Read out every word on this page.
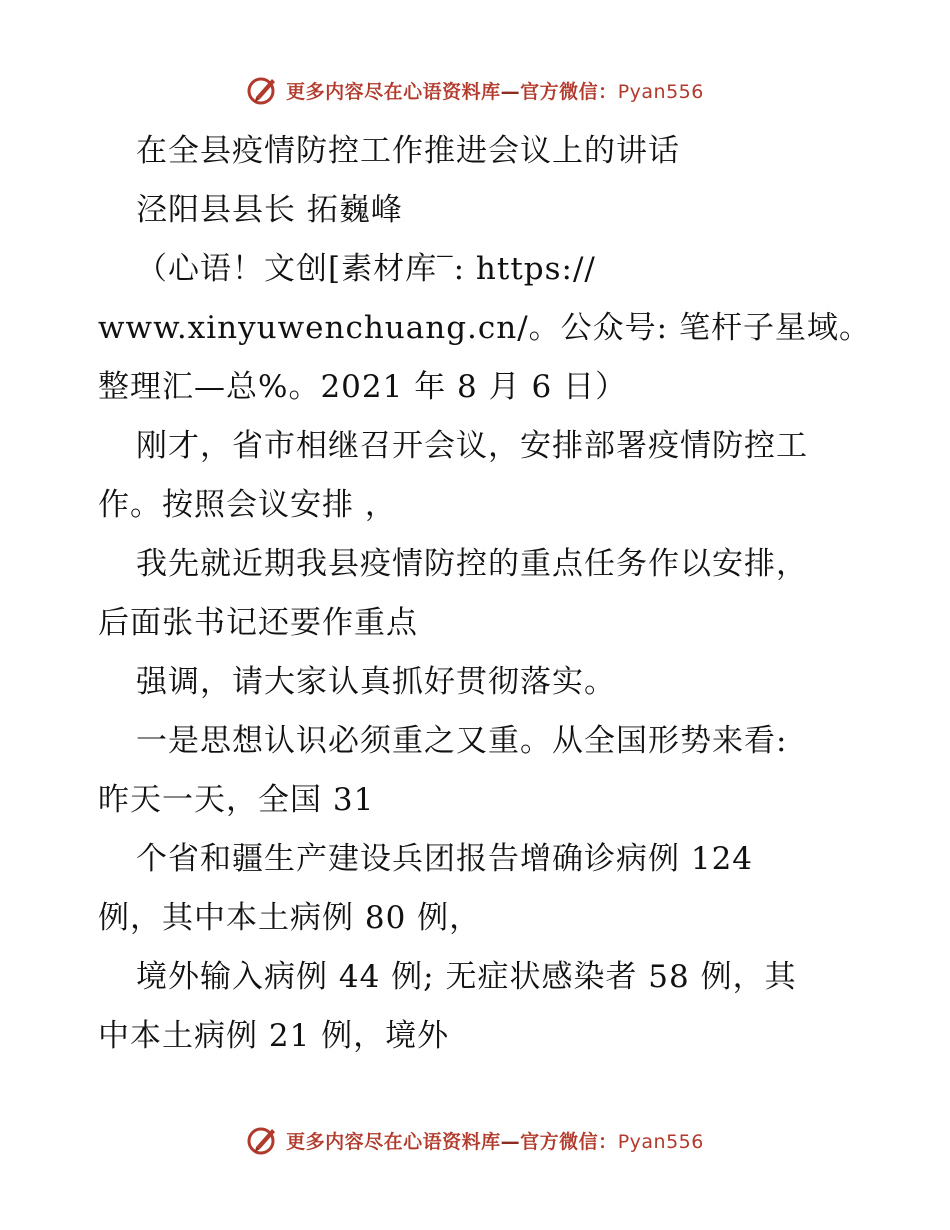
更多内容尽在心语资料库—官方微信：Pyan556
在全县疫情防控工作推进会议上的讲话
泾阳县县长 拓巍峰
（心语！文创[素材库‾: https://
www.xinyuwenchuang.cn/。公众号: 笔杆子星域。
整理汇—总%。2021 年 8 月 6 日）
刚才，省市相继召开会议，安排部署疫情防控工
作。按照会议安排 ，
我先就近期我县疫情防控的重点任务作以安排，
后面张书记还要作重点
强调，请大家认真抓好贯彻落实。
一是思想认识必须重之又重。从全国形势来看:
昨天一天，全国 31
个省和疆生产建设兵团报告增确诊病例 124
例，其中本土病例 80 例，
境外输入病例 44 例; 无症状感染者 58 例，其
中本土病例 21 例，境外
更多内容尽在心语资料库—官方微信：Pyan556
